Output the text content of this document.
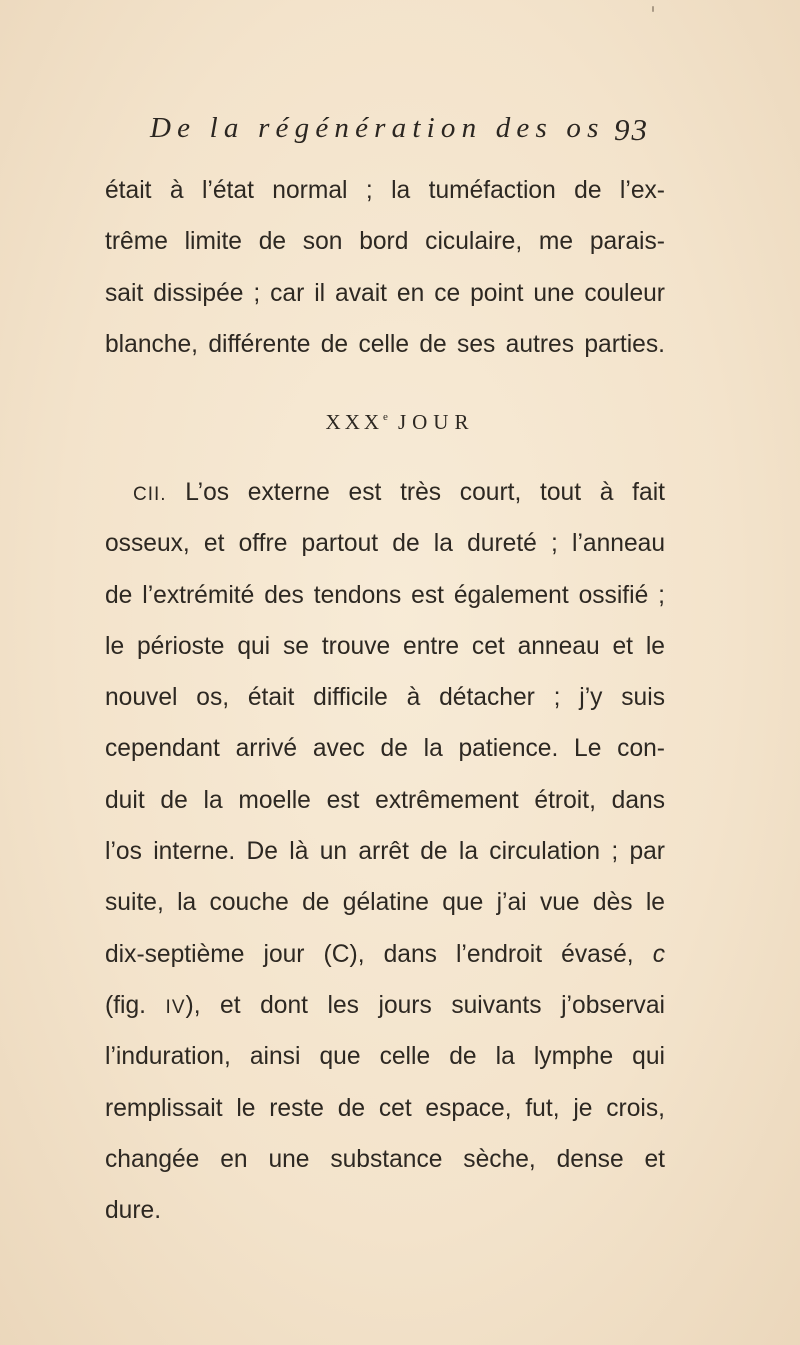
De la régénération des os 93
était à l’état normal ; la tuméfaction de l’ex-
trême limite de son bord ciculaire, me parais-
sait dissipée ; car il avait en ce point une couleur
blanche, différente de celle de ses autres parties.
XXXe JOUR
CII. L’os externe est très court, tout à fait
osseux, et offre partout de la dureté ; l’anneau
de l’extrémité des tendons est également ossifié ;
le périoste qui se trouve entre cet anneau et le
nouvel os, était difficile à détacher ; j’y suis
cependant arrivé avec de la patience. Le con-
duit de la moelle est extrêmement étroit, dans
l’os interne. De là un arrêt de la circulation ; par
suite, la couche de gélatine que j’ai vue dès le
dix-septième jour (C), dans l’endroit évasé, c
(fig. IV), et dont les jours suivants j’observai
l’induration, ainsi que celle de la lymphe qui
remplissait le reste de cet espace, fut, je crois,
changée en une substance sèche, dense et
dure.
